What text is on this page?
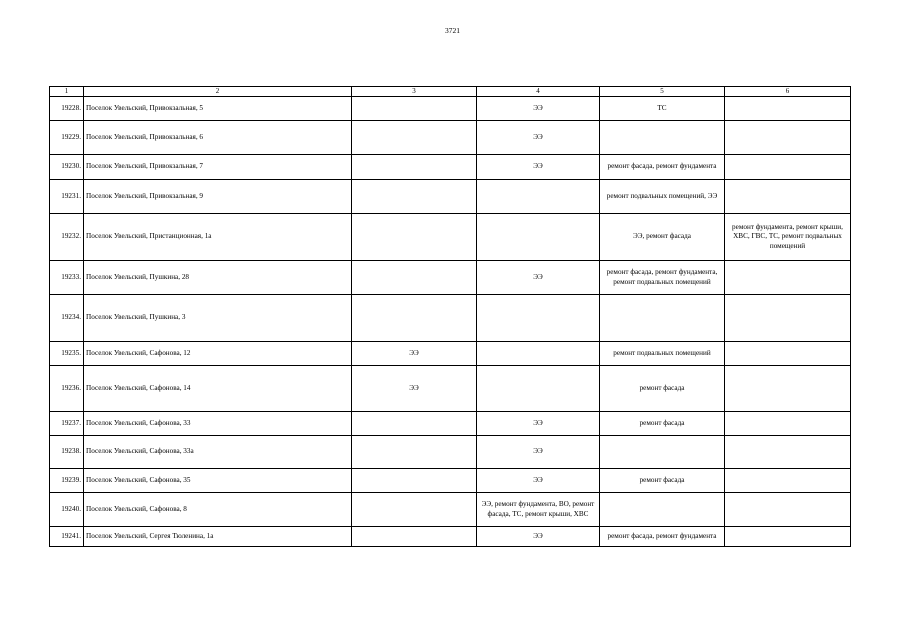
3721
1	2	3	4	5	6
19228.	Поселок Увельский, Привокзальная, 5		ЭЭ	ТС	
19229.	Поселок Увельский, Привокзальная, 6		ЭЭ		
19230.	Поселок Увельский, Привокзальная, 7		ЭЭ	ремонт фасада, ремонт фундамента	
19231.	Поселок Увельский, Привокзальная, 9			ремонт подвальных помещений, ЭЭ	
19232.	Поселок Увельский, Пристанционная, 1а			ЭЭ, ремонт фасада	ремонт фундамента, ремонт крыши, ХВС, ГВС, ТС, ремонт подвальных помещений
19233.	Поселок Увельский, Пушкина, 28		ЭЭ	ремонт фасада, ремонт фундамента, ремонт подвальных помещений	
19234.	Поселок Увельский, Пушкина, 3				
19235.	Поселок Увельский, Сафонова, 12	ЭЭ		ремонт подвальных помещений	
19236.	Поселок Увельский, Сафонова, 14	ЭЭ		ремонт фасада	
19237.	Поселок Увельский, Сафонова, 33		ЭЭ	ремонт фасада	
19238.	Поселок Увельский, Сафонова, 33а		ЭЭ		
19239.	Поселок Увельский, Сафонова, 35		ЭЭ	ремонт фасада	
19240.	Поселок Увельский, Сафонова, 8		ЭЭ, ремонт фундамента, ВО, ремонт фасада, ТС, ремонт крыши, ХВС		
19241.	Поселок Увельский, Сергея Тюленина, 1а		ЭЭ	ремонт фасада, ремонт фундамента	
